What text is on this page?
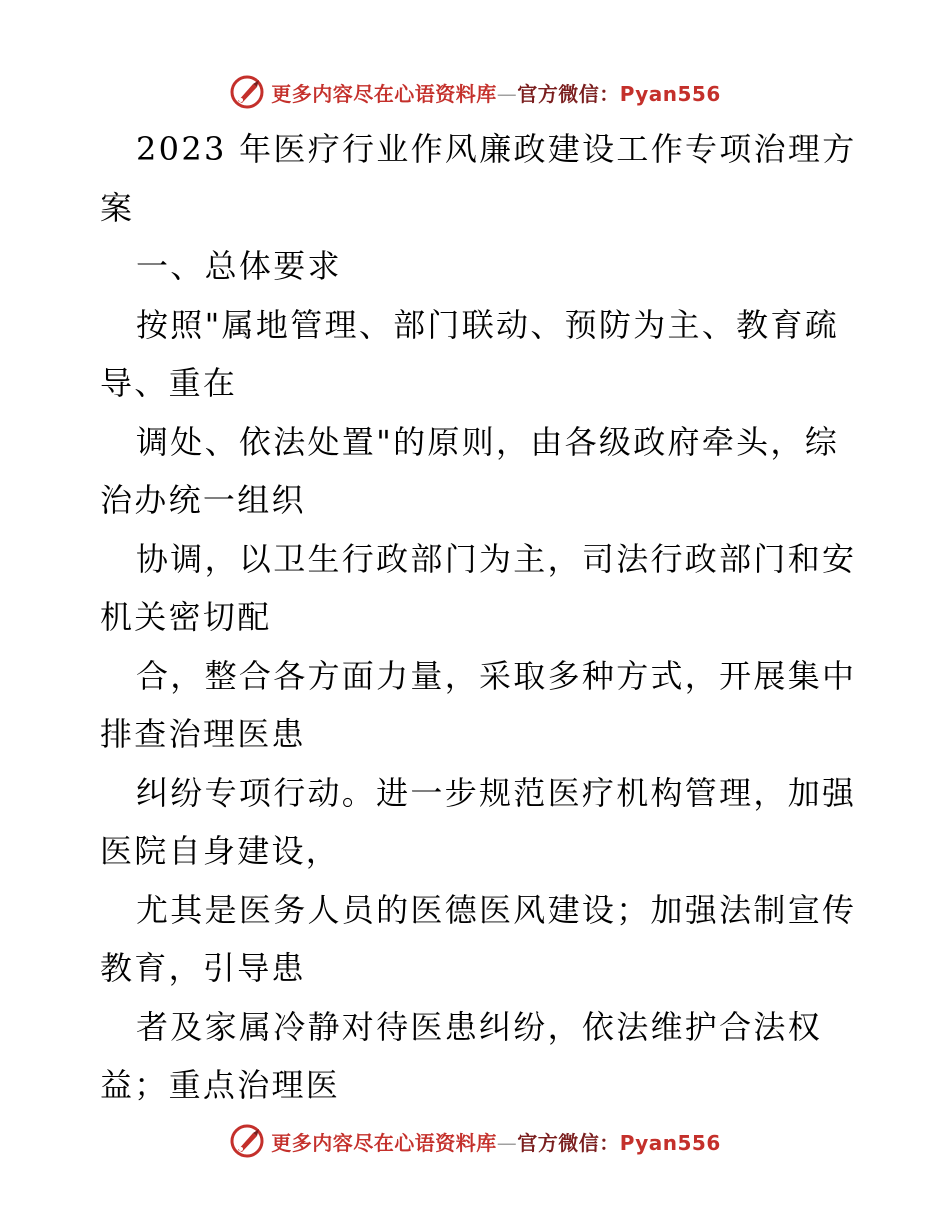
更多内容尽在心语资料库—官方微信：Pyan556
2023 年医疗行业作风廉政建设工作专项治理方
案
一、总体要求
按照"属地管理、部门联动、预防为主、教育疏
导、重在
调处、依法处置"的原则，由各级政府牵头，综
治办统一组织
协调，以卫生行政部门为主，司法行政部门和安
机关密切配
合，整合各方面力量，采取多种方式，开展集中
排查治理医患
纠纷专项行动。进一步规范医疗机构管理，加强
医院自身建设，
尤其是医务人员的医德医风建设；加强法制宣传
教育，引导患
者及家属冷静对待医患纠纷，依法维护合法权
益；重点治理医
更多内容尽在心语资料库—官方微信：Pyan556
